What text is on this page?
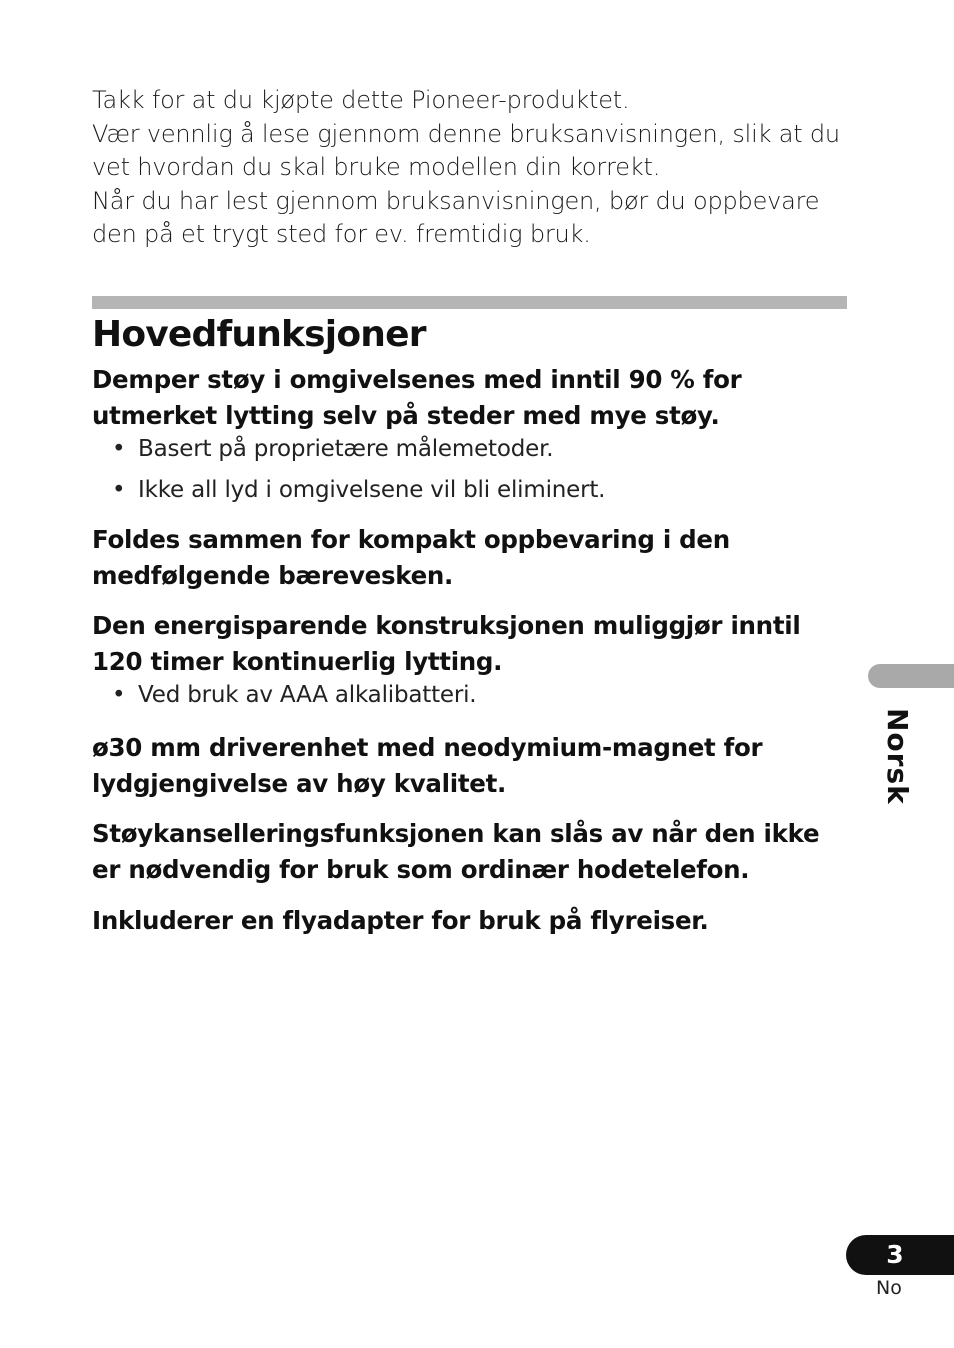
Takk for at du kjøpte dette Pioneer-produktet.

Vær vennlig å lese gjennom denne bruksanvisningen, slik at du vet hvordan du skal bruke modellen din korrekt.

Når du har lest gjennom bruksanvisningen, bør du oppbevare den på et trygt sted for ev. fremtidig bruk.

Hovedfunksjoner

Demper støy i omgivelsenes med inntil 90 % for utmerket lytting selv på steder med mye støy.

• Basert på proprietære målemetoder.

• Ikke all lyd i omgivelsene vil bli eliminert.

Foldes sammen for kompakt oppbevaring i den medfølgende bærevesken.

Den energisparende konstruksjonen muliggjør inntil 120 timer kontinuerlig lytting.

• Ved bruk av AAA alkalibatteri.

ø30 mm driverenhet med neodymium-magnet for lydgjengivelse av høy kvalitet.

Støykanselleringsfunksjonen kan slås av når den ikke er nødvendig for bruk som ordinær hodetelefon.

Inkluderer en flyadapter for bruk på flyreiser.

Norsk
3
No
